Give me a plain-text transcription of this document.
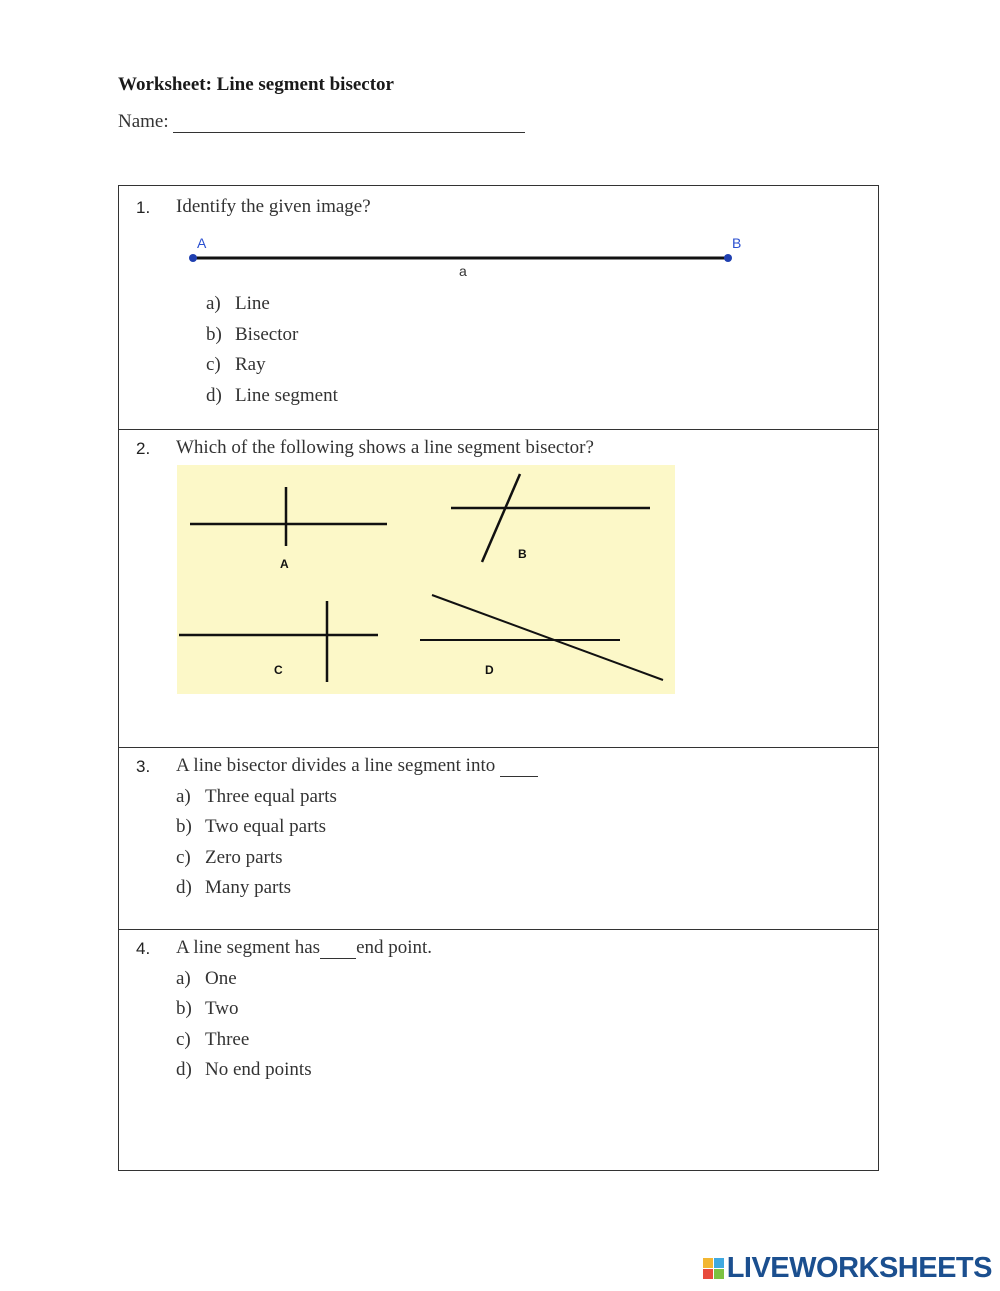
Worksheet: Line segment bisector
Name:
1. Identify the given image?
A	B
a
a) Line
b) Bisector
c) Ray
d) Line segment
2. Which of the following shows a line segment bisector?
A
B
C	D
3. A line bisector divides a line segment into
a) Three equal parts
b) Two equal parts
c) Zero parts
d) Many parts
4. A line segment has end point.
a) One
b) Two
c) Three
d) No end points
LIVEWORKSHEETS
